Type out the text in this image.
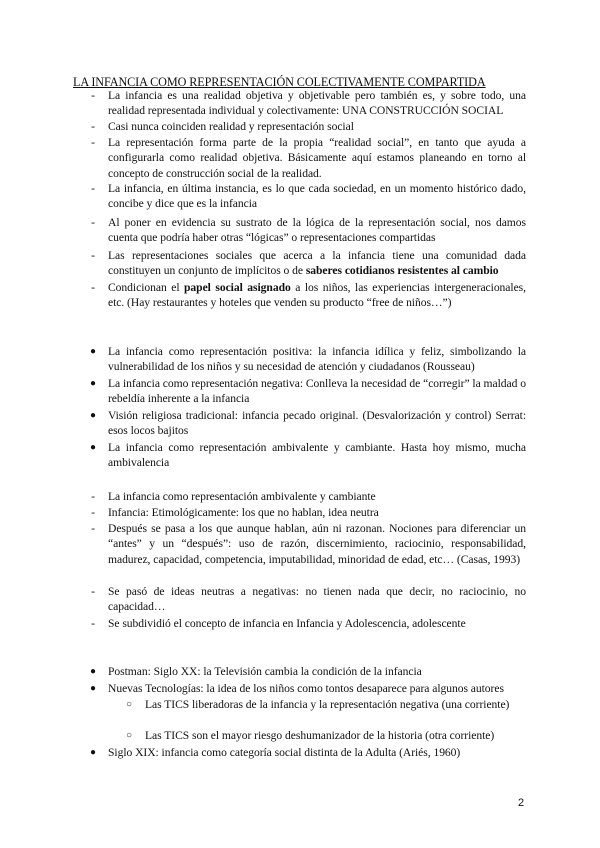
LA INFANCIA COMO REPRESENTACIÓN COLECTIVAMENTE COMPARTIDA
- La infancia es una realidad objetiva y objetivable pero también es, y sobre todo, una realidad representada individual y colectivamente: UNA CONSTRUCCIÓN SOCIAL
- Casi nunca coinciden realidad y representación social
- La representación forma parte de la propia “realidad social”, en tanto que ayuda a configurarla como realidad objetiva. Básicamente aquí estamos planeando en torno al concepto de construcción social de la realidad.
- La infancia, en última instancia, es lo que cada sociedad, en un momento histórico dado, concibe y dice que es la infancia
- Al poner en evidencia su sustrato de la lógica de la representación social, nos damos cuenta que podría haber otras “lógicas” o representaciones compartidas
- Las representaciones sociales que acerca a la infancia tiene una comunidad dada constituyen un conjunto de implícitos o de saberes cotidianos resistentes al cambio
- Condicionan el papel social asignado a los niños, las experiencias intergeneracionales, etc. (Hay restaurantes y hoteles que venden su producto “free de niños…”)
● La infancia como representación positiva: la infancia idílica y feliz, simbolizando la vulnerabilidad de los niños y su necesidad de atención y ciudadanos (Rousseau)
● La infancia como representación negativa: Conlleva la necesidad de “corregir” la maldad o rebeldía inherente a la infancia
● Visión religiosa tradicional: infancia pecado original. (Desvalorización y control) Serrat: esos locos bajitos
● La infancia como representación ambivalente y cambiante. Hasta hoy mismo, mucha ambivalencia
- La infancia como representación ambivalente y cambiante
- Infancia: Etimológicamente: los que no hablan, idea neutra
- Después se pasa a los que aunque hablan, aún ni razonan. Nociones para diferenciar un “antes” y un “después”: uso de razón, discernimiento, raciocinio, responsabilidad, madurez, capacidad, competencia, imputabilidad, minoridad de edad, etc… (Casas, 1993)
- Se pasó de ideas neutras a negativas: no tienen nada que decir, no raciocinio, no capacidad…
- Se subdividió el concepto de infancia en Infancia y Adolescencia, adolescente
● Postman: Siglo XX: la Televisión cambia la condición de la infancia
● Nuevas Tecnologías: la idea de los niños como tontos desaparece para algunos autores
○ Las TICS liberadoras de la infancia y la representación negativa (una corriente)
○ Las TICS son el mayor riesgo deshumanizador de la historia (otra corriente)
● Siglo XIX: infancia como categoría social distinta de la Adulta (Ariés, 1960)
2
